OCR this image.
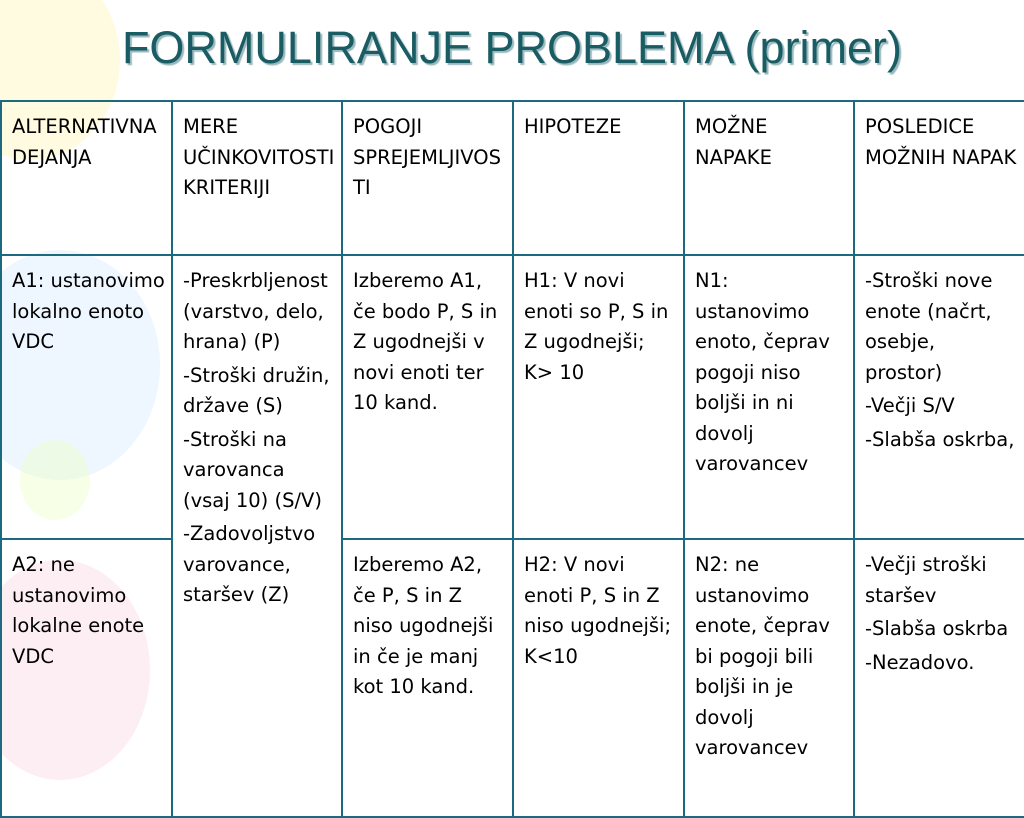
FORMULIRANJE PROBLEMA (primer)
ALTERNATIVNA DEJANJA	MERE UČINKOVITOSTI KRITERIJI	POGOJI SPREJEMLJIVOSTI	HIPOTEZE	MOŽNE NAPAKE	POSLEDICE MOŽNIH NAPAK
A1: ustanovimo lokalno enoto VDC	-Preskrbljenost (varstvo, delo, hrana) (P)
-Stroški družin, države (S)
-Stroški na varovanca (vsaj 10) (S/V)
-Zadovoljstvo varovance, staršev (Z)	Izberemo A1, če bodo P, S in Z ugodnejši v novi enoti ter 10 kand.	H1: V novi enoti so P, S in Z ugodnejši; K> 10	N1: ustanovimo enoto, čeprav pogoji niso boljši in ni dovolj varovancev	-Stroški nove enote (načrt, osebje, prostor)
-Večji S/V
-Slabša oskrba,

A2: ne ustanovimo lokalne enote VDC		Izberemo A2, če P, S in Z niso ugodnejši in če je manj kot 10 kand.	H2: V novi enoti P, S in Z niso ugodnejši; K<10	N2: ne ustanovimo enote, čeprav bi pogoji bili boljši in je dovolj varovancev	-Večji stroški staršev
-Slabša oskrba
-Nezadovo.
